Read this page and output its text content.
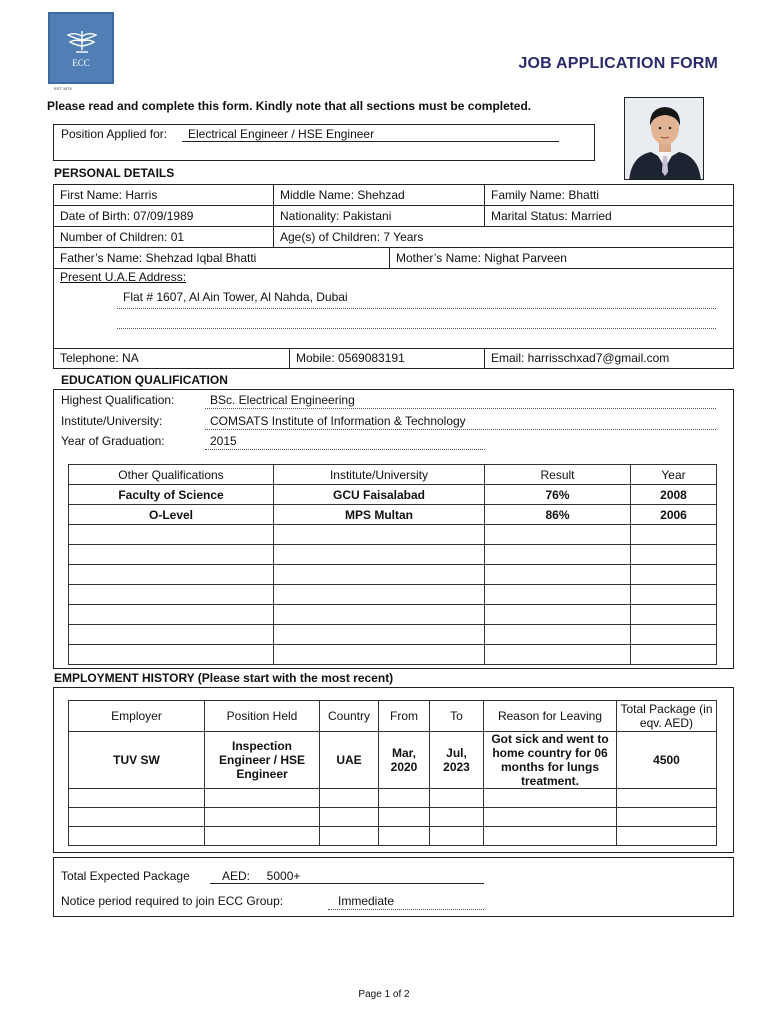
ECC
EST 1975
JOB APPLICATION FORM
Please read and complete this form. Kindly note that all sections must be completed.
Position Applied for: Electrical Engineer / HSE Engineer
PERSONAL DETAILS
First Name: Harris	Middle Name: Shehzad	Family Name: Bhatti
Date of Birth: 07/09/1989	Nationality: Pakistani	Marital Status: Married
Number of Children: 01	Age(s) of Children: 7 Years
Father’s Name: Shehzad Iqbal Bhatti	Mother’s Name: Nighat Parveen
Telephone: NA	Mobile: 0569083191	Email: harrisschxad7@gmail.com
Present U.A.E Address:
Flat # 1607, Al Ain Tower, Al Nahda, Dubai
EDUCATION QUALIFICATION
Highest Qualification:	BSc. Electrical Engineering
Institute/University:	COMSATS Institute of Information & Technology
Year of Graduation:	2015
Other Qualifications	Institute/University	Result	Year
Faculty of Science	GCU Faisalabad	76%	2008
O-Level	MPS Multan	86%	2006

EMPLOYMENT HISTORY (Please start with the most recent)
Employer	Position Held	Country	From	To	Reason for Leaving	Total Package (in eqv. AED)
TUV SW	Inspection Engineer / HSE Engineer	UAE	Mar, 2020	Jul, 2023	Got sick and went to home country for 06 months for lungs treatment.	4500

Total Expected Package	AED:     5000+
Notice period required to join ECC Group:	Immediate
Page 1 of 2
